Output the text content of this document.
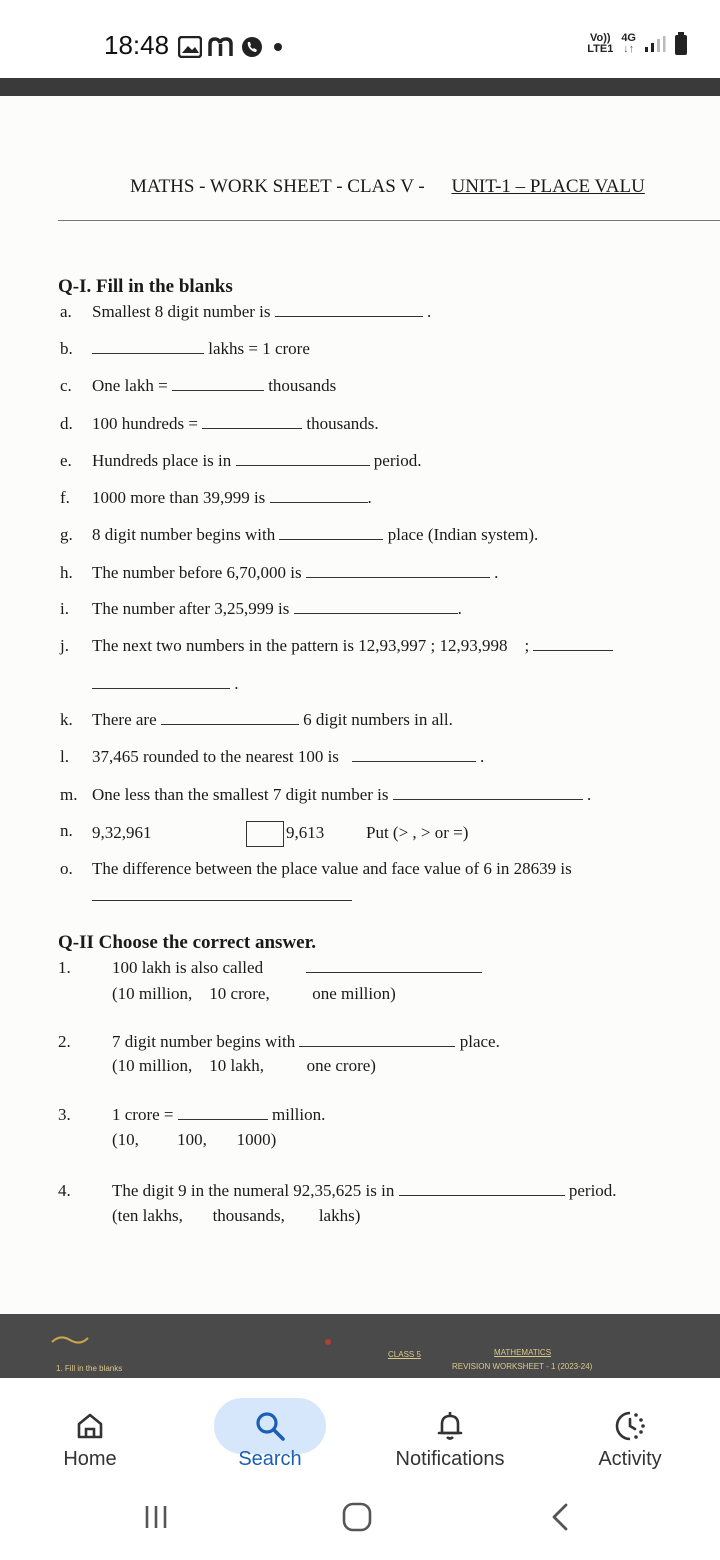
18:48	Vo))
LTE1
4G
↓↑
MATHS - WORK SHEET - CLAS V - UNIT-1 – PLACE VALU
Q-I. Fill in the blanks
a. Smallest 8 digit number is	.
b.	lakhs = 1 crore
c. One lakh =	thousands
d. 100 hundreds =	thousands.
e. Hundreds place is in	period.
f. 1000 more than 39,999 is	.
g. 8 digit number begins with	place (Indian system).
h. The number before 6,70,000 is	.
i. The number after 3,25,999 is	.
j. The next two numbers in the pattern is 12,93,997 ; 12,93,998 ;
.
k. There are	6 digit numbers in all.
l. 37,465 rounded to the nearest 100 is	.
m. One less than the smallest 7 digit number is	.
n. 9,32,961	9,613 Put (> , > or =)
o. The difference between the place value and face value of 6 in 28639 is
Q-II Choose the correct answer.
1. 100 lakh is also called
(10 million, 10 crore,	one million)
2. 7 digit number begins with	place.
(10 million, 10 lakh,	one crore)
3. 1 crore =	million.
(10, 100, 1000)
4. The digit 9 in the numeral 92,35,625 is in	period.
(ten lakhs, thousands, lakhs)
1. Fill in the blanks
CLASS 5	MATHEMATICS
REVISION WORKSHEET - 1 (2023-24)
Home	Search	Notifications	Activity
